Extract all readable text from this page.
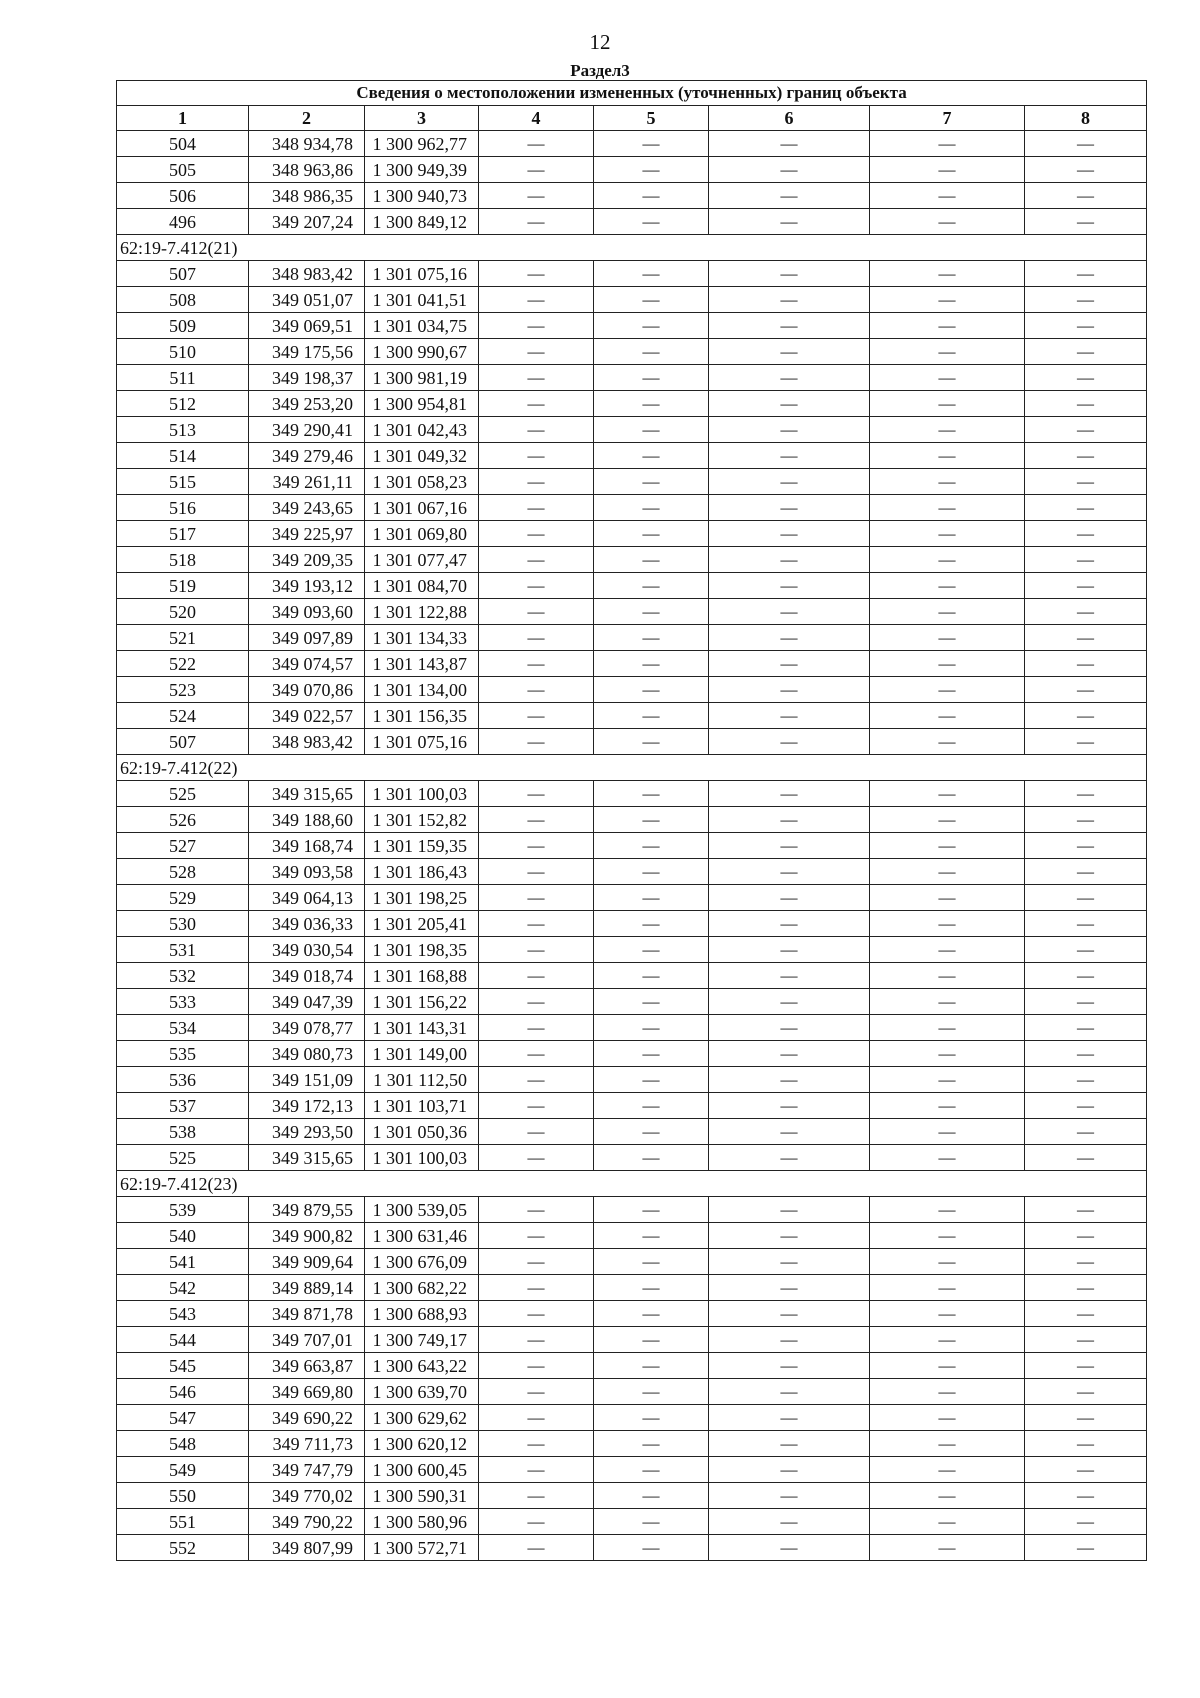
12
Раздел3
Сведения о местоположении измененных (уточненных) границ объекта							
1	2	3	4	5	6	7	8
504	348 934,78	1 300 962,77	—	—	—	—	—
505	348 963,86	1 300 949,39	—	—	—	—	—
506	348 986,35	1 300 940,73	—	—	—	—	—
496	349 207,24	1 300 849,12	—	—	—	—	—
62:19-7.412(21)							
507	348 983,42	1 301 075,16	—	—	—	—	—
508	349 051,07	1 301 041,51	—	—	—	—	—
509	349 069,51	1 301 034,75	—	—	—	—	—
510	349 175,56	1 300 990,67	—	—	—	—	—
511	349 198,37	1 300 981,19	—	—	—	—	—
512	349 253,20	1 300 954,81	—	—	—	—	—
513	349 290,41	1 301 042,43	—	—	—	—	—
514	349 279,46	1 301 049,32	—	—	—	—	—
515	349 261,11	1 301 058,23	—	—	—	—	—
516	349 243,65	1 301 067,16	—	—	—	—	—
517	349 225,97	1 301 069,80	—	—	—	—	—
518	349 209,35	1 301 077,47	—	—	—	—	—
519	349 193,12	1 301 084,70	—	—	—	—	—
520	349 093,60	1 301 122,88	—	—	—	—	—
521	349 097,89	1 301 134,33	—	—	—	—	—
522	349 074,57	1 301 143,87	—	—	—	—	—
523	349 070,86	1 301 134,00	—	—	—	—	—
524	349 022,57	1 301 156,35	—	—	—	—	—
507	348 983,42	1 301 075,16	—	—	—	—	—
62:19-7.412(22)							
525	349 315,65	1 301 100,03	—	—	—	—	—
526	349 188,60	1 301 152,82	—	—	—	—	—
527	349 168,74	1 301 159,35	—	—	—	—	—
528	349 093,58	1 301 186,43	—	—	—	—	—
529	349 064,13	1 301 198,25	—	—	—	—	—
530	349 036,33	1 301 205,41	—	—	—	—	—
531	349 030,54	1 301 198,35	—	—	—	—	—
532	349 018,74	1 301 168,88	—	—	—	—	—
533	349 047,39	1 301 156,22	—	—	—	—	—
534	349 078,77	1 301 143,31	—	—	—	—	—
535	349 080,73	1 301 149,00	—	—	—	—	—
536	349 151,09	1 301 112,50	—	—	—	—	—
537	349 172,13	1 301 103,71	—	—	—	—	—
538	349 293,50	1 301 050,36	—	—	—	—	—
525	349 315,65	1 301 100,03	—	—	—	—	—
62:19-7.412(23)							
539	349 879,55	1 300 539,05	—	—	—	—	—
540	349 900,82	1 300 631,46	—	—	—	—	—
541	349 909,64	1 300 676,09	—	—	—	—	—
542	349 889,14	1 300 682,22	—	—	—	—	—
543	349 871,78	1 300 688,93	—	—	—	—	—
544	349 707,01	1 300 749,17	—	—	—	—	—
545	349 663,87	1 300 643,22	—	—	—	—	—
546	349 669,80	1 300 639,70	—	—	—	—	—
547	349 690,22	1 300 629,62	—	—	—	—	—
548	349 711,73	1 300 620,12	—	—	—	—	—
549	349 747,79	1 300 600,45	—	—	—	—	—
550	349 770,02	1 300 590,31	—	—	—	—	—
551	349 790,22	1 300 580,96	—	—	—	—	—
552	349 807,99	1 300 572,71	—	—	—	—	—
